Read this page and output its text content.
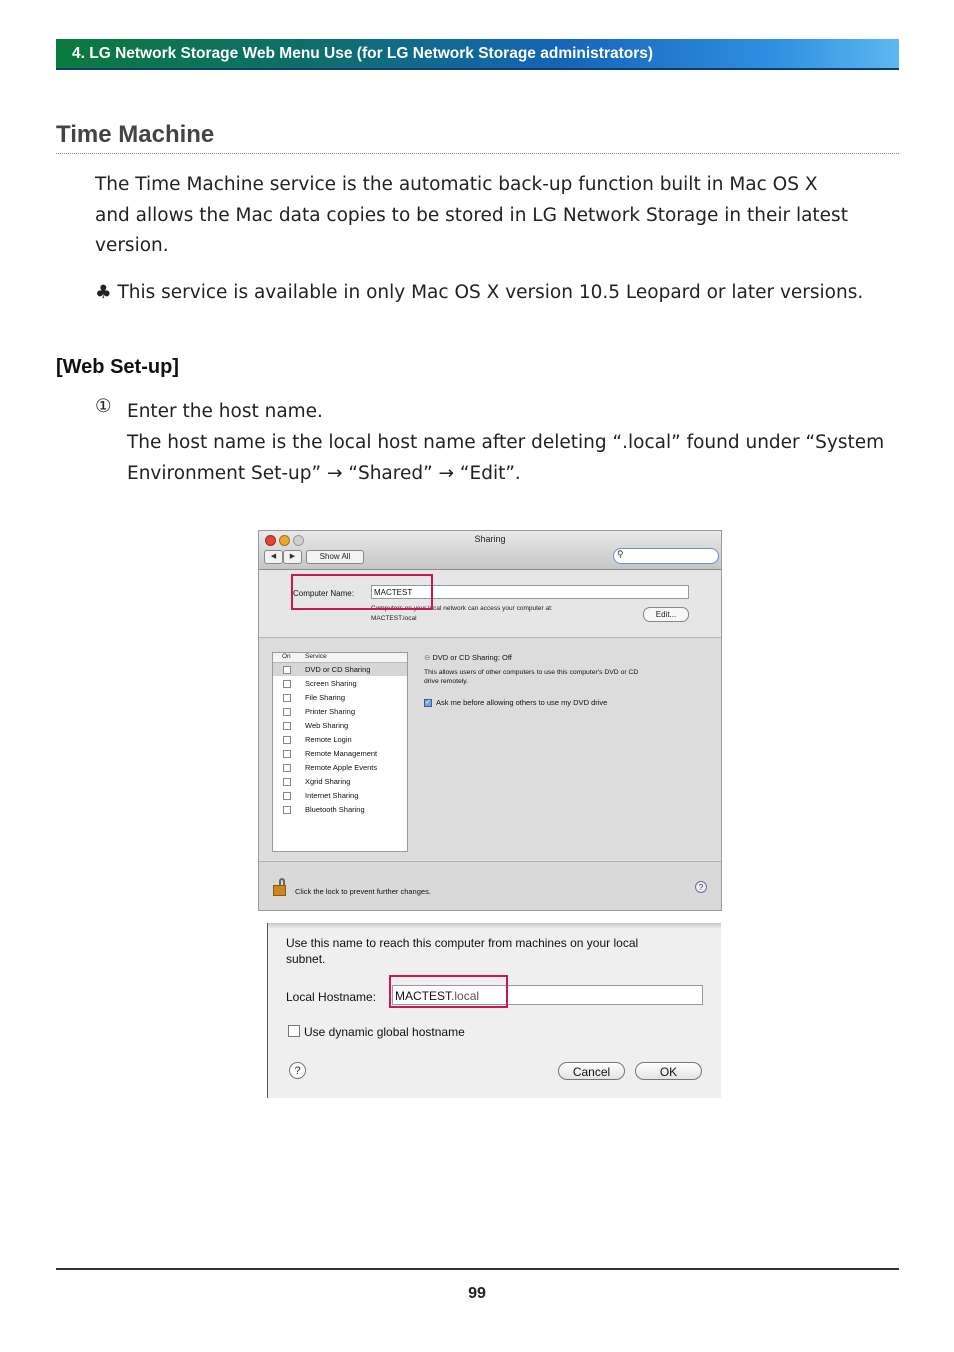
4. LG Network Storage Web Menu Use (for LG Network Storage administrators)
Time Machine
The Time Machine service is the automatic back-up function built in Mac OS X
and allows the Mac data copies to be stored in LG Network Storage in their latest
version.
♣ This service is available in only Mac OS X version 10.5 Leopard or later versions.
[Web Set-up]
① Enter the host name.
The host name is the local host name after deleting “.local” found under “System
Environment Set-up” → “Shared” → “Edit”.
Sharing
◀	▶	Show All	⚲
Computer Name:	MACTEST
Computers on your local network can access your computer at:
MACTEST.local	Edit...
On Service
DVD or CD Sharing
Screen Sharing
File Sharing
Printer Sharing
Web Sharing
Remote Login
Remote Management
Remote Apple Events
Xgrid Sharing
Internet Sharing
Bluetooth Sharing
⊖ DVD or CD Sharing: Off
This allows users of other computers to use this computer's DVD or CD
drive remotely.
✓ Ask me before allowing others to use my DVD drive
Click the lock to prevent further changes.	?
Use this name to reach this computer from machines on your local
subnet.
Local Hostname: MACTEST.local
Use dynamic global hostname
?	Cancel	OK
99
